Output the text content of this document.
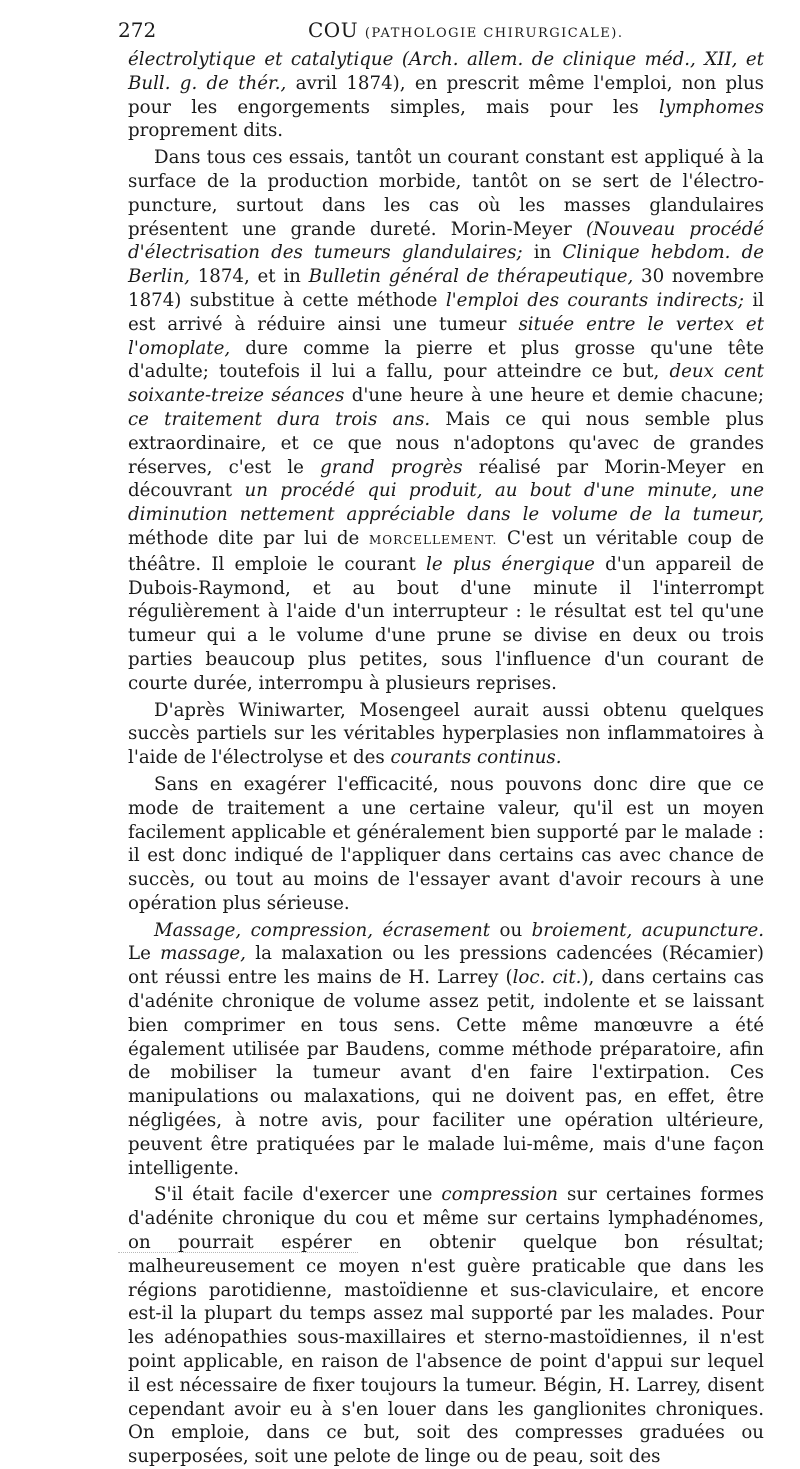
272	COU (PATHOLOGIE CHIRURGICALE).

électrolytique et catalytique (Arch. allem. de clinique méd., XII, et Bull. g. de thér., avril 1874), en prescrit même l'emploi, non plus pour les engorgements simples, mais pour les lymphomes proprement dits.

Dans tous ces essais, tantôt un courant constant est appliqué à la surface de la production morbide, tantôt on se sert de l'électro-puncture, surtout dans les cas où les masses glandulaires présentent une grande dureté. Morin-Meyer (Nouveau procédé d'électrisation des tumeurs glandulaires; in Clinique hebdom. de Berlin, 1874, et in Bulletin général de thérapeutique, 30 novembre 1874) substitue à cette méthode l'emploi des courants indirects; il est arrivé à réduire ainsi une tumeur située entre le vertex et l'omoplate, dure comme la pierre et plus grosse qu'une tête d'adulte; toutefois il lui a fallu, pour atteindre ce but, deux cent soixante-treize séances d'une heure à une heure et demie chacune; ce traitement dura trois ans. Mais ce qui nous semble plus extraordinaire, et ce que nous n'adoptons qu'avec de grandes réserves, c'est le grand progrès réalisé par Morin-Meyer en découvrant un procédé qui produit, au bout d'une minute, une diminution nettement appréciable dans le volume de la tumeur, méthode dite par lui de MORCELLEMENT. C'est un véritable coup de théâtre. Il emploie le courant le plus énergique d'un appareil de Dubois-Raymond, et au bout d'une minute il l'interrompt régulièrement à l'aide d'un interrupteur : le résultat est tel qu'une tumeur qui a le volume d'une prune se divise en deux ou trois parties beaucoup plus petites, sous l'influence d'un courant de courte durée, interrompu à plusieurs reprises.

D'après Winiwarter, Mosengeel aurait aussi obtenu quelques succès partiels sur les véritables hyperplasies non inflammatoires à l'aide de l'électrolyse et des courants continus.

Sans en exagérer l'efficacité, nous pouvons donc dire que ce mode de traitement a une certaine valeur, qu'il est un moyen facilement applicable et généralement bien supporté par le malade : il est donc indiqué de l'appliquer dans certains cas avec chance de succès, ou tout au moins de l'essayer avant d'avoir recours à une opération plus sérieuse.

Massage, compression, écrasement ou broiement, acupuncture. Le massage, la malaxation ou les pressions cadencées (Récamier) ont réussi entre les mains de H. Larrey (loc. cit.), dans certains cas d'adénite chronique de volume assez petit, indolente et se laissant bien comprimer en tous sens. Cette même manœuvre a été également utilisée par Baudens, comme méthode préparatoire, afin de mobiliser la tumeur avant d'en faire l'extirpation. Ces manipulations ou malaxations, qui ne doivent pas, en effet, être négligées, à notre avis, pour faciliter une opération ultérieure, peuvent être pratiquées par le malade lui-même, mais d'une façon intelligente.

S'il était facile d'exercer une compression sur certaines formes d'adénite chronique du cou et même sur certains lymphadénomes, on pourrait espérer en obtenir quelque bon résultat; malheureusement ce moyen n'est guère praticable que dans les régions parotidienne, mastoïdienne et sus-claviculaire, et encore est-il la plupart du temps assez mal supporté par les malades. Pour les adénopathies sous-maxillaires et sterno-mastoïdiennes, il n'est point applicable, en raison de l'absence de point d'appui sur lequel il est nécessaire de fixer toujours la tumeur. Bégin, H. Larrey, disent cependant avoir eu à s'en louer dans les ganglionites chroniques. On emploie, dans ce but, soit des compresses graduées ou superposées, soit une pelote de linge ou de peau, soit des
